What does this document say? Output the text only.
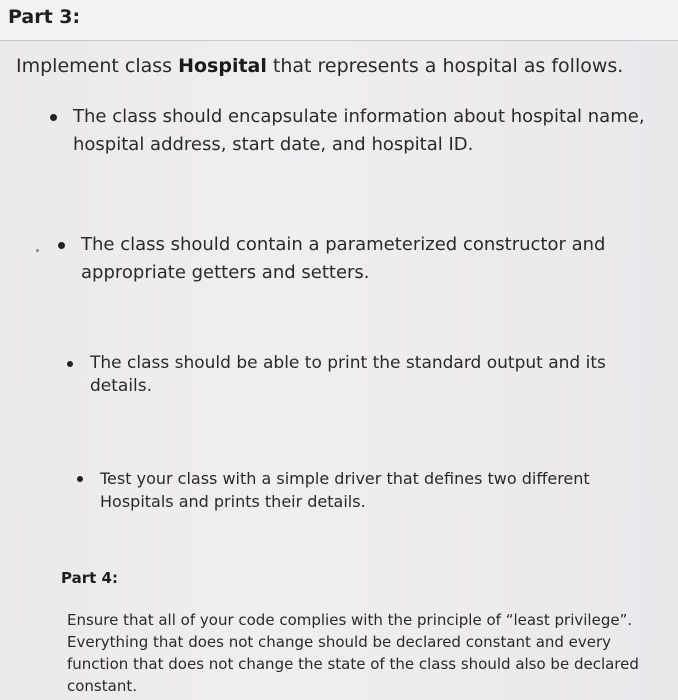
Part 3:
Implement class Hospital that represents a hospital as follows.
The class should encapsulate information about hospital name, hospital address, start date, and hospital ID.
The class should contain a parameterized constructor and appropriate getters and setters.
The class should be able to print the standard output and its details.
Test your class with a simple driver that defines two different Hospitals and prints their details.
Part 4:
Ensure that all of your code complies with the principle of “least privilege”. Everything that does not change should be declared constant and every function that does not change the state of the class should also be declared constant.
